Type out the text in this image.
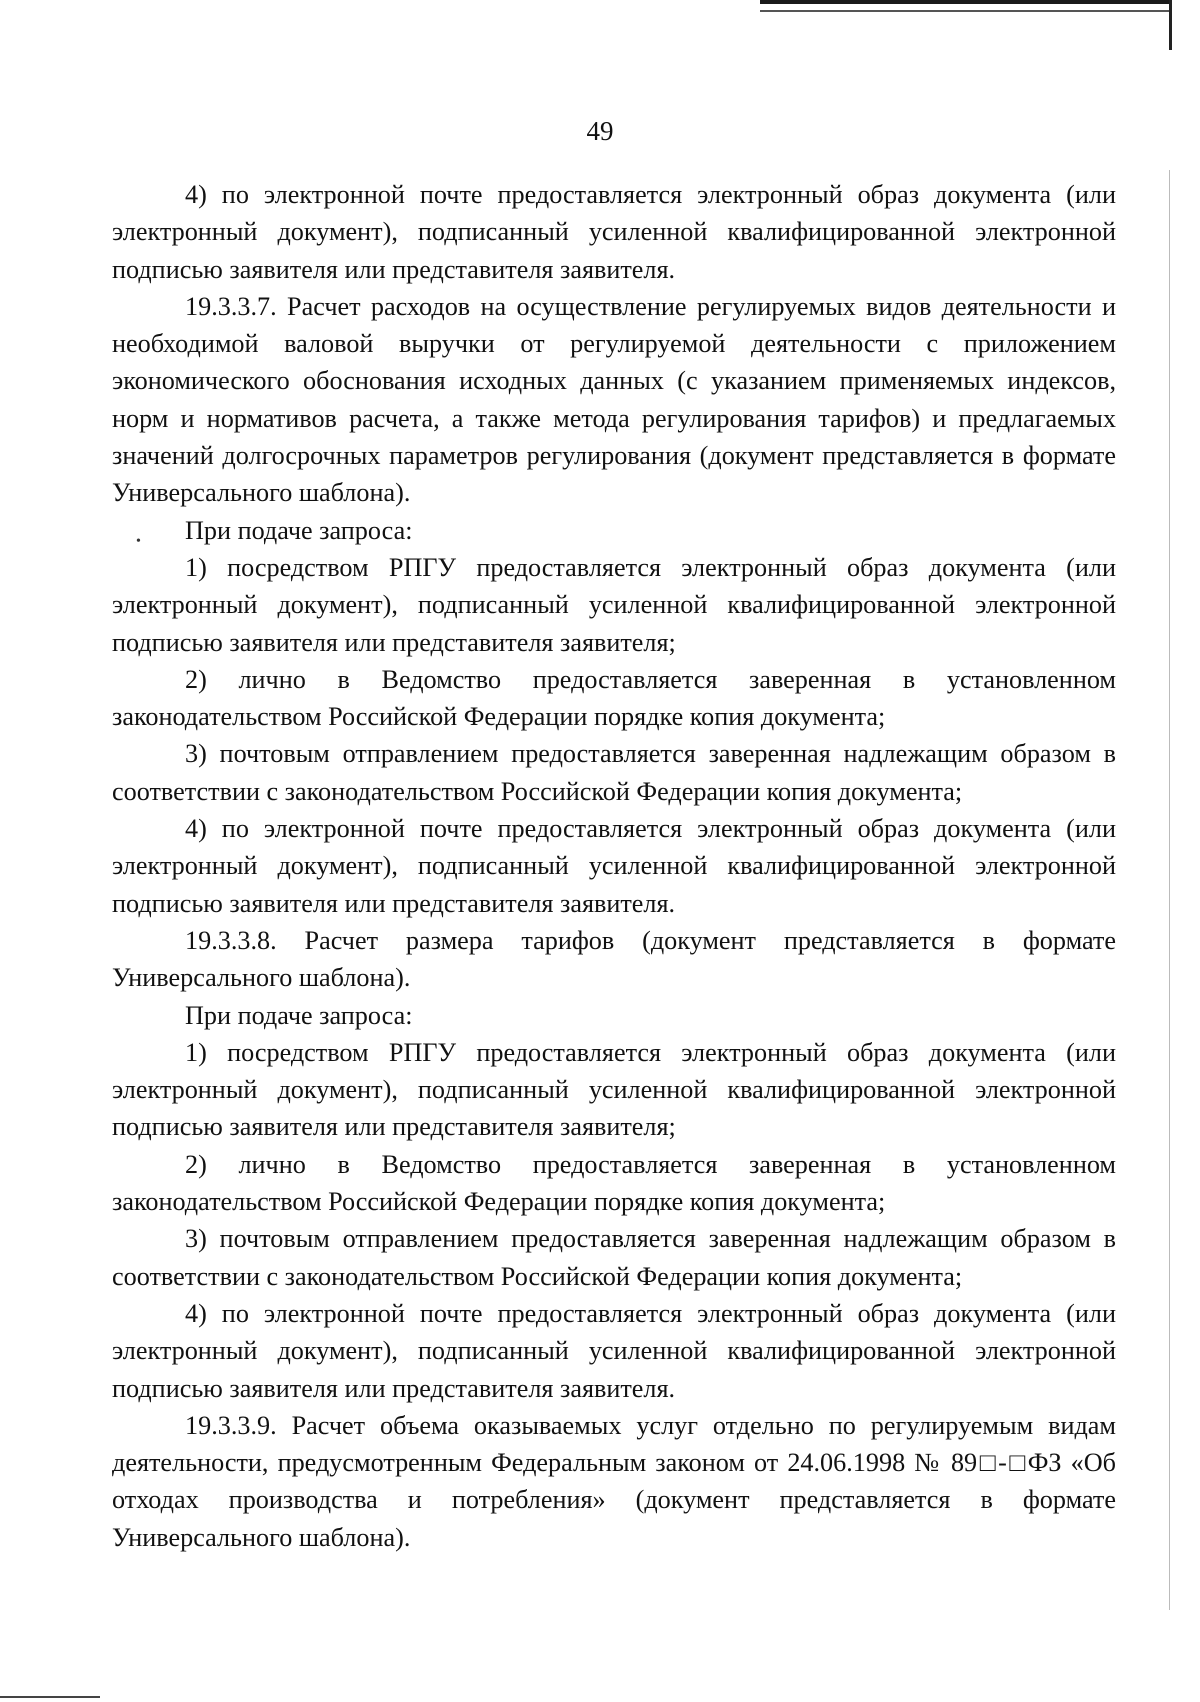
49
•

4) по электронной почте предоставляется электронный образ документа (или электронный документ), подписанный усиленной квалифицированной электронной подписью заявителя или представителя заявителя.

19.3.3.7. Расчет расходов на осуществление регулируемых видов деятельности и необходимой валовой выручки от регулируемой деятельности с приложением экономического обоснования исходных данных (с указанием применяемых индексов, норм и нормативов расчета, а также метода регулирования тарифов) и предлагаемых значений долгосрочных параметров регулирования (документ представляется в формате Универсального шаблона).

При подаче запроса:

1) посредством РПГУ предоставляется электронный образ документа (или электронный документ), подписанный усиленной квалифицированной электронной подписью заявителя или представителя заявителя;

2) лично в Ведомство предоставляется заверенная в установленном законодательством Российской Федерации порядке копия документа;

3) почтовым отправлением предоставляется заверенная надлежащим образом в соответствии с законодательством Российской Федерации копия документа;

4) по электронной почте предоставляется электронный образ документа (или электронный документ), подписанный усиленной квалифицированной электронной подписью заявителя или представителя заявителя.

19.3.3.8. Расчет размера тарифов (документ представляется в формате Универсального шаблона).

При подаче запроса:

1) посредством РПГУ предоставляется электронный образ документа (или электронный документ), подписанный усиленной квалифицированной электронной подписью заявителя или представителя заявителя;

2) лично в Ведомство предоставляется заверенная в установленном законодательством Российской Федерации порядке копия документа;

3) почтовым отправлением предоставляется заверенная надлежащим образом в соответствии с законодательством Российской Федерации копия документа;

4) по электронной почте предоставляется электронный образ документа (или электронный документ), подписанный усиленной квалифицированной электронной подписью заявителя или представителя заявителя.

19.3.3.9. Расчет объема оказываемых услуг отдельно по регулируемым видам деятельности, предусмотренным Федеральным законом от 24.06.1998 № 89□-□ФЗ «Об отходах производства и потребления» (документ представляется в формате Универсального шаблона).
